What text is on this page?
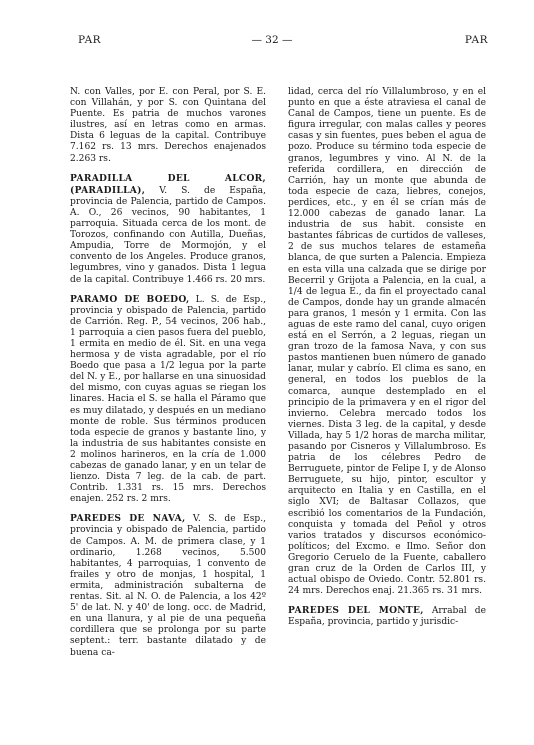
PAR	— 32 —	PAR

N. con Valles, por E. con Peral, por S. E. con Villahán, y por S. con Quintana del Puente. Es patria de muchos varones ilustres, así en letras como en armas. Dista 6 leguas de la capital. Contribuye 7.162 rs. 13 mrs. Derechos enajenados 2.263 rs.

PARADILLA DEL ALCOR, (PARADILLA), V. S. de España, provincia de Palencia, partido de Campos. A. O., 26 vecinos, 90 habitantes, 1 parroquia. Situada cerca de los mont. de Torozos, confinando con Autilla, Dueñas, Ampudia, Torre de Mormojón, y el convento de los Angeles. Produce granos, legumbres, vino y ganados. Dista 1 legua de la capital. Contribuye 1.466 rs. 20 mrs.

PARAMO DE BOEDO, L. S. de Esp., provincia y obispado de Palencia, partido de Carrión. Reg. P., 54 vecinos, 206 hab., 1 parroquia a cien pasos fuera del pueblo, 1 ermita en medio de él. Sit. en una vega hermosa y de vista agradable, por el río Boedo que pasa a 1/2 legua por la parte del N. y E., por hallarse en una sinuosidad del mismo, con cuyas aguas se riegan los linares. Hacia el S. se halla el Páramo que es muy dilatado, y después en un mediano monte de roble. Sus términos producen toda especie de granos y bastante lino, y la industria de sus habitantes consiste en 2 molinos harineros, en la cría de 1.000 cabezas de ganado lanar, y en un telar de lienzo. Dista 7 leg. de la cab. de part. Contrib. 1.331 rs. 15 mrs. Derechos enajen. 252 rs. 2 mrs.

PAREDES DE NAVA, V. S. de Esp., provincia y obispado de Palencia, partido de Campos. A. M. de primera clase, y 1 ordinario, 1.268 vecinos, 5.500 habitantes, 4 parroquias, 1 convento de frailes y otro de monjas, 1 hospital, 1 ermita, administración subalterna de rentas. Sit. al N. O. de Palencia, a los 42º 5' de lat. N. y 40' de long. occ. de Madrid, en una llanura, y al pie de una pequeña cordillera que se prolonga por su parte septent.: terr. bastante dilatado y de buena ca-

lidad, cerca del río Villalumbroso, y en el punto en que a éste atraviesa el canal de Canal de Campos, tiene un puente. Es de figura irregular, con malas calles y peores casas y sin fuentes, pues beben el agua de pozo. Produce su término toda especie de granos, legumbres y vino. Al N. de la referida cordillera, en dirección de Carrión, hay un monte que abunda de toda especie de caza, liebres, conejos, perdices, etc., y en él se crían más de 12.000 cabezas de ganado lanar. La industria de sus habit. consiste en bastantes fábricas de curtidos de valleses, 2 de sus muchos telares de estameña blanca, de que surten a Palencia. Empieza en esta villa una calzada que se dirige por Becerril y Grijota a Palencia, en la cual, a 1/4 de legua E., da fin el proyectado canal de Campos, donde hay un grande almacén para granos, 1 mesón y 1 ermita. Con las aguas de este ramo del canal, cuyo origen está en el Serrón, a 2 leguas, riegan un gran trozo de la famosa Nava, y con sus pastos mantienen buen número de ganado lanar, mular y cabrío. El clima es sano, en general, en todos los pueblos de la comarca, aunque destemplado en el principio de la primavera y en el rigor del invierno. Celebra mercado todos los viernes. Dista 3 leg. de la capital, y desde Villada, hay 5 1/2 horas de marcha militar, pasando por Cisneros y Villalumbroso. Es patria de los célebres Pedro de Berruguete, pintor de Felipe I, y de Alonso Berruguete, su hijo, pintor, escultor y arquitecto en Italia y en Castilla, en el siglo XVI; de Baltasar Collazos, que escribió los comentarios de la Fundación, conquista y tomada del Peñol y otros varios tratados y discursos económico-políticos; del Excmo. e Ilmo. Señor don Gregorio Ceruelo de la Fuente, caballero gran cruz de la Orden de Carlos III, y actual obispo de Oviedo. Contr. 52.801 rs. 24 mrs. Derechos enaj. 21.365 rs. 31 mrs.

PAREDES DEL MONTE, Arrabal de España, provincia, partido y jurisdic-
